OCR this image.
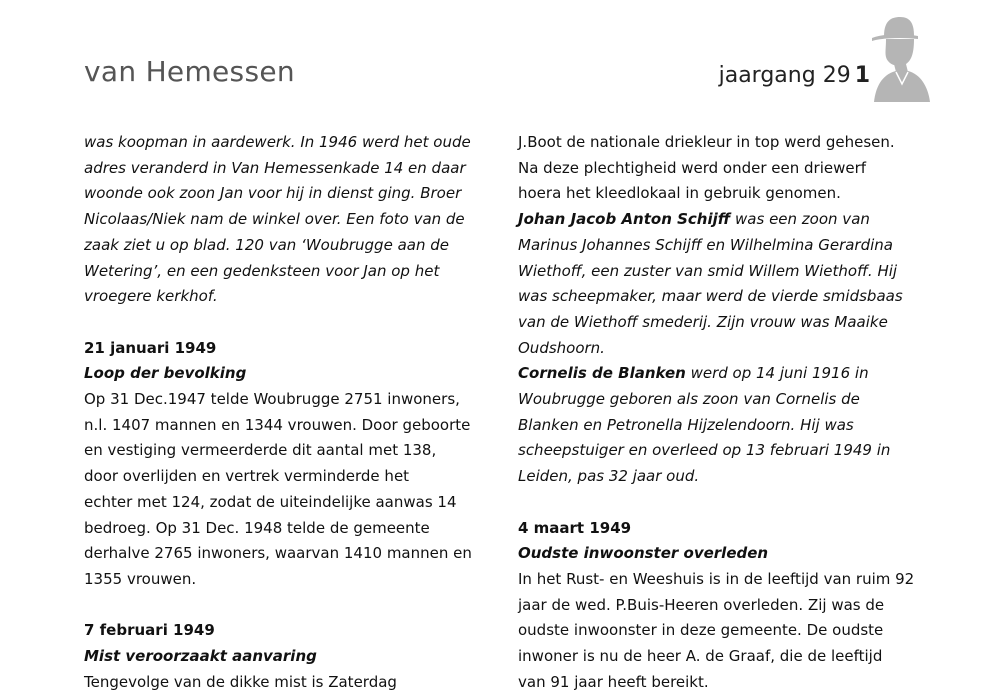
van Hemessen	jaargang 29 1

was koopman in aardewerk. In 1946 werd het oude

adres veranderd in Van Hemessenkade 14 en daar

woonde ook zoon Jan voor hij in dienst ging. Broer

Nicolaas/Niek nam de winkel over. Een foto van de

zaak ziet u op blad. 120 van ‘Woubrugge aan de

Wetering’, en een gedenksteen voor Jan op het

vroegere kerkhof.

21 januari 1949

Loop der bevolking

Op 31 Dec.1947 telde Woubrugge 2751 inwoners,

n.l. 1407 mannen en 1344 vrouwen. Door geboorte

en vestiging vermeerderde dit aantal met 138,

door overlijden en vertrek verminderde het

echter met 124, zodat de uiteindelijke aanwas 14

bedroeg. Op 31 Dec. 1948 telde de gemeente

derhalve 2765 inwoners, waarvan 1410 mannen en

1355 vrouwen.

7 februari 1949

Mist veroorzaakt aanvaring

Tengevolge van de dikke mist is Zaterdag

J.Boot de nationale driekleur in top werd gehesen.

Na deze plechtigheid werd onder een driewerf

hoera het kleedlokaal in gebruik genomen.

Johan Jacob Anton Schijff was een zoon van

Marinus Johannes Schijff en Wilhelmina Gerardina

Wiethoff, een zuster van smid Willem Wiethoff. Hij

was scheepmaker, maar werd de vierde smidsbaas

van de Wiethoff smederij. Zijn vrouw was Maaike

Oudshoorn.

Cornelis de Blanken werd op 14 juni 1916 in

Woubrugge geboren als zoon van Cornelis de

Blanken en Petronella Hijzelendoorn. Hij was

scheepstuiger en overleed op 13 februari 1949 in

Leiden, pas 32 jaar oud.

4 maart 1949

Oudste inwoonster overleden

In het Rust- en Weeshuis is in de leeftijd van ruim 92

jaar de wed. P.Buis-Heeren overleden. Zij was de

oudste inwoonster in deze gemeente. De oudste

inwoner is nu de heer A. de Graaf, die de leeftijd

van 91 jaar heeft bereikt.
